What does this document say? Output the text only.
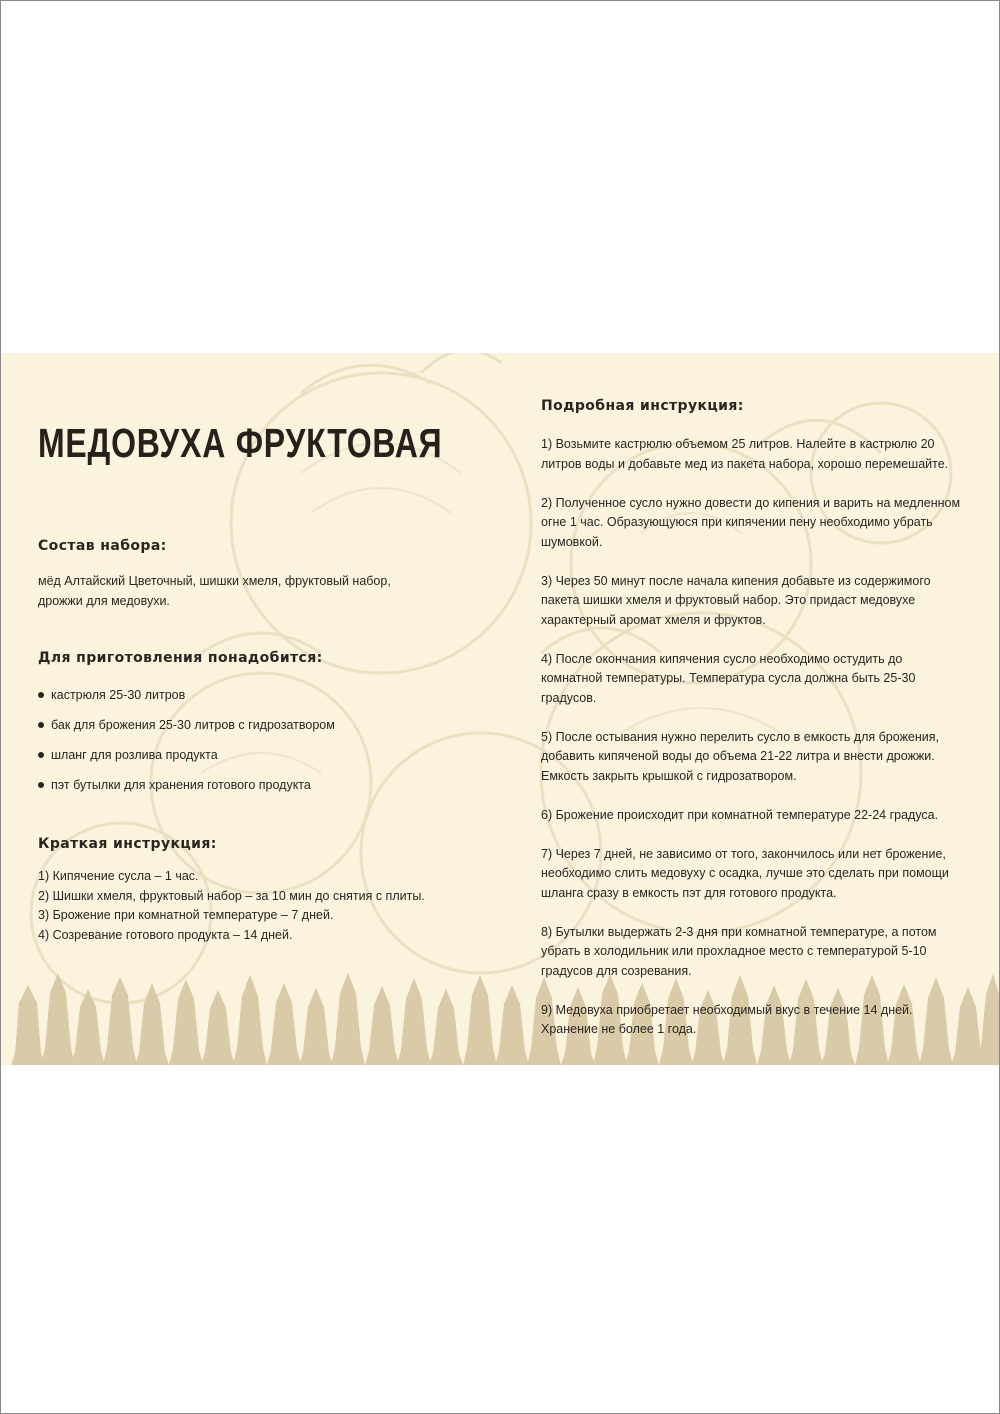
МЕДОВУХА ФРУКТОВАЯ
Состав набора:

мёд Алтайский Цветочный, шишки хмеля, фруктовый набор,
дрожжи для медовухи.

Для приготовления понадобится:
кастрюля 25-30 литров
бак для брожения 25-30 литров с гидрозатвором
шланг для розлива продукта
пэт бутылки для хранения готового продукта
Краткая инструкция:
1) Кипячение сусла – 1 час.
2) Шишки хмеля, фруктовый набор – за 10 мин до снятия с плиты.
3) Брожение при комнатной температуре – 7 дней.
4) Созревание готового продукта – 14 дней.
Подробная инструкция:
1) Возьмите кастрюлю объемом 25 литров. Налейте в кастрюлю 20 литров воды и добавьте мед из пакета набора, хорошо перемешайте.
2) Полученное сусло нужно довести до кипения и варить на медленном огне 1 час. Образующуюся при кипячении пену необходимо убрать шумовкой.
3) Через 50 минут после начала кипения добавьте из содержимого пакета шишки хмеля и фруктовый набор. Это придаст медовухе характерный аромат хмеля и фруктов.
4) После окончания кипячения сусло необходимо остудить до комнатной температуры. Температура сусла должна быть 25-30 градусов.
5) После остывания нужно перелить сусло в емкость для брожения, добавить кипяченой воды до объема 21-22 литра и внести дрожжи. Емкость закрыть крышкой с гидрозатвором.
6) Брожение происходит при комнатной температуре 22-24 градуса.
7) Через 7 дней, не зависимо от того, закончилось или нет брожение, необходимо слить медовуху с осадка, лучше это сделать при помощи шланга сразу в емкость пэт для готового продукта.
8) Бутылки выдержать 2-3 дня при комнатной температуре, а потом убрать в холодильник или прохладное место с температурой 5-10 градусов для созревания.
9) Медовуха приобретает необходимый вкус в течение 14 дней. Хранение не более 1 года.
